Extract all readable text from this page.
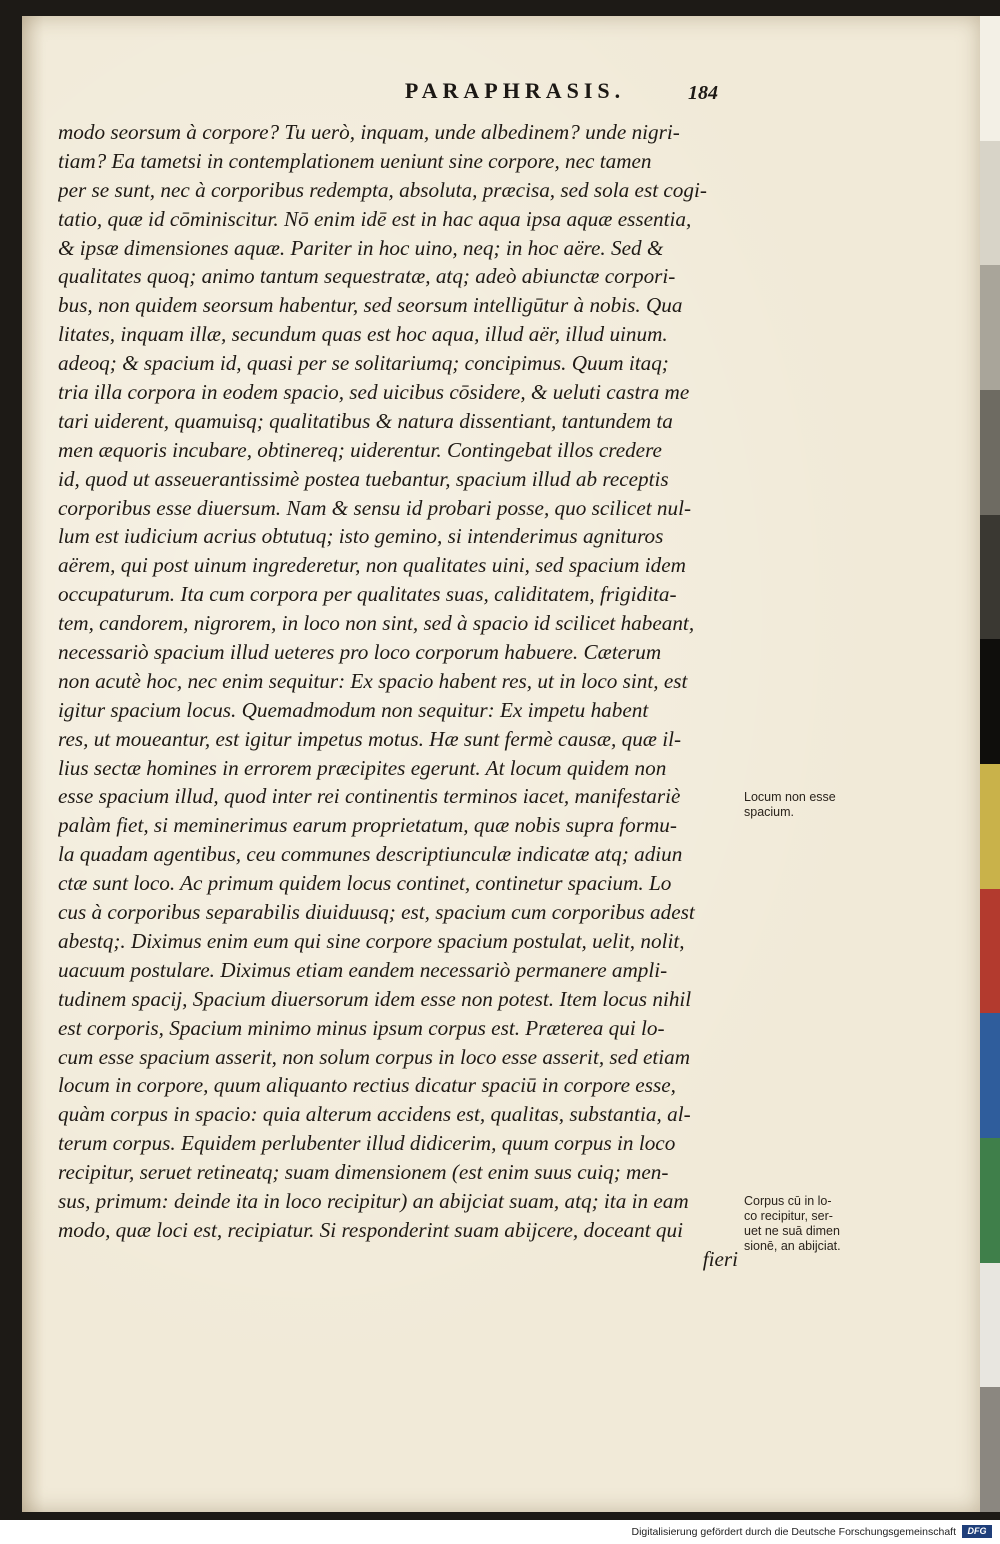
PARAPHRASIS.	184
modo seorsum à corpore? Tu uerò, inquam, unde albedinem? unde nigri-
tiam? Ea tametsi in contemplationem ueniunt sine corpore, nec tamen
per se sunt, nec à corporibus redempta, absoluta, præcisa, sed sola est cogi-
tatio, quæ id cōminiscitur. Nō enim idē est in hac aqua ipsa aquæ essentia,
& ipsæ dimensiones aquæ. Pariter in hoc uino, neq; in hoc aëre. Sed &
qualitates quoq; animo tantum sequestratæ, atq; adeò abiunctæ corpori-
bus, non quidem seorsum habentur, sed seorsum intelligūtur à nobis. Qua
litates, inquam illæ, secundum quas est hoc aqua, illud aër, illud uinum.
adeoq; & spacium id, quasi per se solitariumq; concipimus. Quum itaq;
tria illa corpora in eodem spacio, sed uicibus cōsidere, & ueluti castra me
tari uiderent, quamuisq; qualitatibus & natura dissentiant, tantundem ta
men æquoris incubare, obtinereq; uiderentur. Contingebat illos credere
id, quod ut asseuerantissimè postea tuebantur, spacium illud ab receptis
corporibus esse diuersum. Nam & sensu id probari posse, quo scilicet nul-
lum est iudicium acrius obtutuq; isto gemino, si intenderimus agnituros
aërem, qui post uinum ingrederetur, non qualitates uini, sed spacium idem
occupaturum. Ita cum corpora per qualitates suas, caliditatem, frigidita-
tem, candorem, nigrorem, in loco non sint, sed à spacio id scilicet habeant,
necessariò spacium illud ueteres pro loco corporum habuere. Cæterum
non acutè hoc, nec enim sequitur: Ex spacio habent res, ut in loco sint, est
igitur spacium locus. Quemadmodum non sequitur: Ex impetu habent
res, ut moueantur, est igitur impetus motus. Hæ sunt fermè causæ, quæ il-
lius sectæ homines in errorem præcipites egerunt. At locum quidem non
esse spacium illud, quod inter rei continentis terminos iacet, manifestariè
palàm fiet, si meminerimus earum proprietatum, quæ nobis supra formu-
la quadam agentibus, ceu communes descriptiunculæ indicatæ atq; adiun
ctæ sunt loco. Ac primum quidem locus continet, continetur spacium. Lo
cus à corporibus separabilis diuiduusq; est, spacium cum corporibus adest
abestq;. Diximus enim eum qui sine corpore spacium postulat, uelit, nolit,
uacuum postulare. Diximus etiam eandem necessariò permanere ampli-
tudinem spacij, Spacium diuersorum idem esse non potest. Item locus nihil
est corporis, Spacium minimo minus ipsum corpus est. Præterea qui lo-
cum esse spacium asserit, non solum corpus in loco esse asserit, sed etiam
locum in corpore, quum aliquanto rectius dicatur spaciū in corpore esse,
quàm corpus in spacio: quia alterum accidens est, qualitas, substantia, al-
terum corpus. Equidem perlubenter illud didicerim, quum corpus in loco
recipitur, seruet retineatq; suam dimensionem (est enim suus cuiq; men-
sus, primum: deinde ita in loco recipitur) an abijciat suam, atq; ita in eam
modo, quæ loci est, recipiatur. Si responderint suam abijcere, doceant qui
fieri
Locum non esse
spacium.
Corpus cū in lo-
co recipitur, ser-
uet ne suā dimen
sionē, an abijciat.
Digitalisierung gefördert durch die Deutsche Forschungsgemeinschaft	DFG
